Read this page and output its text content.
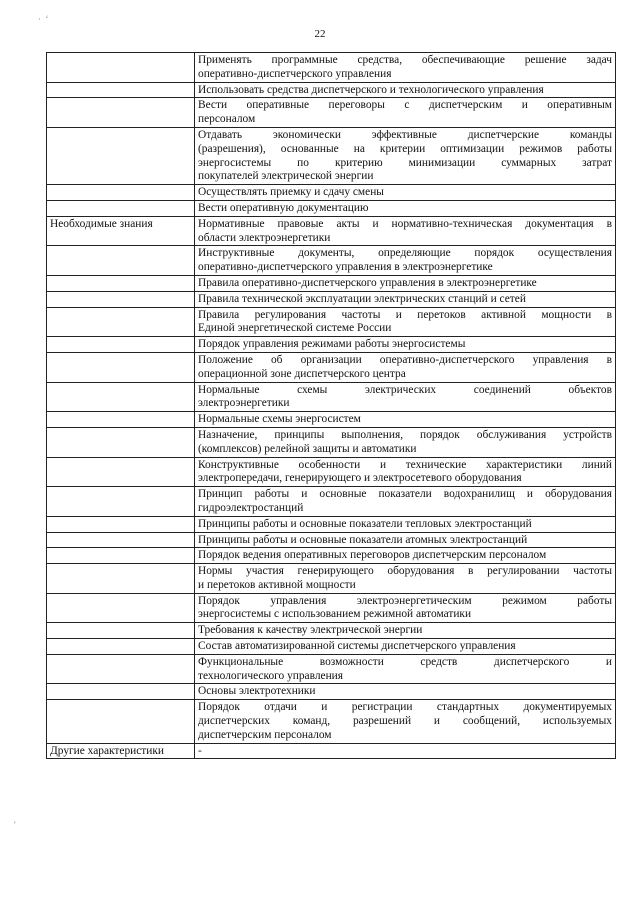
·  ‘
'
22

	Применять программные средства, обеспечивающие решение задач
оперативно-диспетчерского управления

	Использовать средства диспетчерского и технологического управления

	Вести оперативные переговоры с диспетчерским и оперативным
персоналом

	Отдавать экономически эффективные диспетчерские команды
(разрешения), основанные на критерии оптимизации режимов работы
энергосистемы по критерию минимизации суммарных затрат
покупателей электрической энергии

	Осуществлять приемку и сдачу смены

	Вести оперативную документацию

Необходимые знания	Нормативные правовые акты и нормативно-техническая документация в
области электроэнергетики

	Инструктивные документы, определяющие порядок осуществления
оперативно-диспетчерского управления в электроэнергетике

	Правила оперативно-диспетчерского управления в электроэнергетике

	Правила технической эксплуатации электрических станций и сетей

	Правила регулирования частоты и перетоков активной мощности в
Единой энергетической системе России

	Порядок управления режимами работы энергосистемы

	Положение об организации оперативно-диспетчерского управления в
операционной зоне диспетчерского центра

	Нормальные схемы электрических соединений объектов
электроэнергетики

	Нормальные схемы энергосистем

	Назначение, принципы выполнения, порядок обслуживания устройств
(комплексов) релейной защиты и автоматики

	Конструктивные особенности и технические характеристики линий
электропередачи, генерирующего и электросетевого оборудования

	Принцип работы и основные показатели водохранилищ и оборудования
гидроэлектростанций

	Принципы работы и основные показатели тепловых электростанций

	Принципы работы и основные показатели атомных электростанций

	Порядок ведения оперативных переговоров диспетчерским персоналом

	Нормы участия генерирующего оборудования в регулировании частоты
и перетоков активной мощности

	Порядок управления электроэнергетическим режимом работы
энергосистемы с использованием режимной автоматики

	Требования к качеству электрической энергии

	Состав автоматизированной системы диспетчерского управления

	Функциональные возможности средств диспетчерского и
технологического управления

	Основы электротехники

	Порядок отдачи и регистрации стандартных документируемых
диспетчерских команд, разрешений и сообщений, используемых
диспетчерским персоналом

Другие характеристики	-
